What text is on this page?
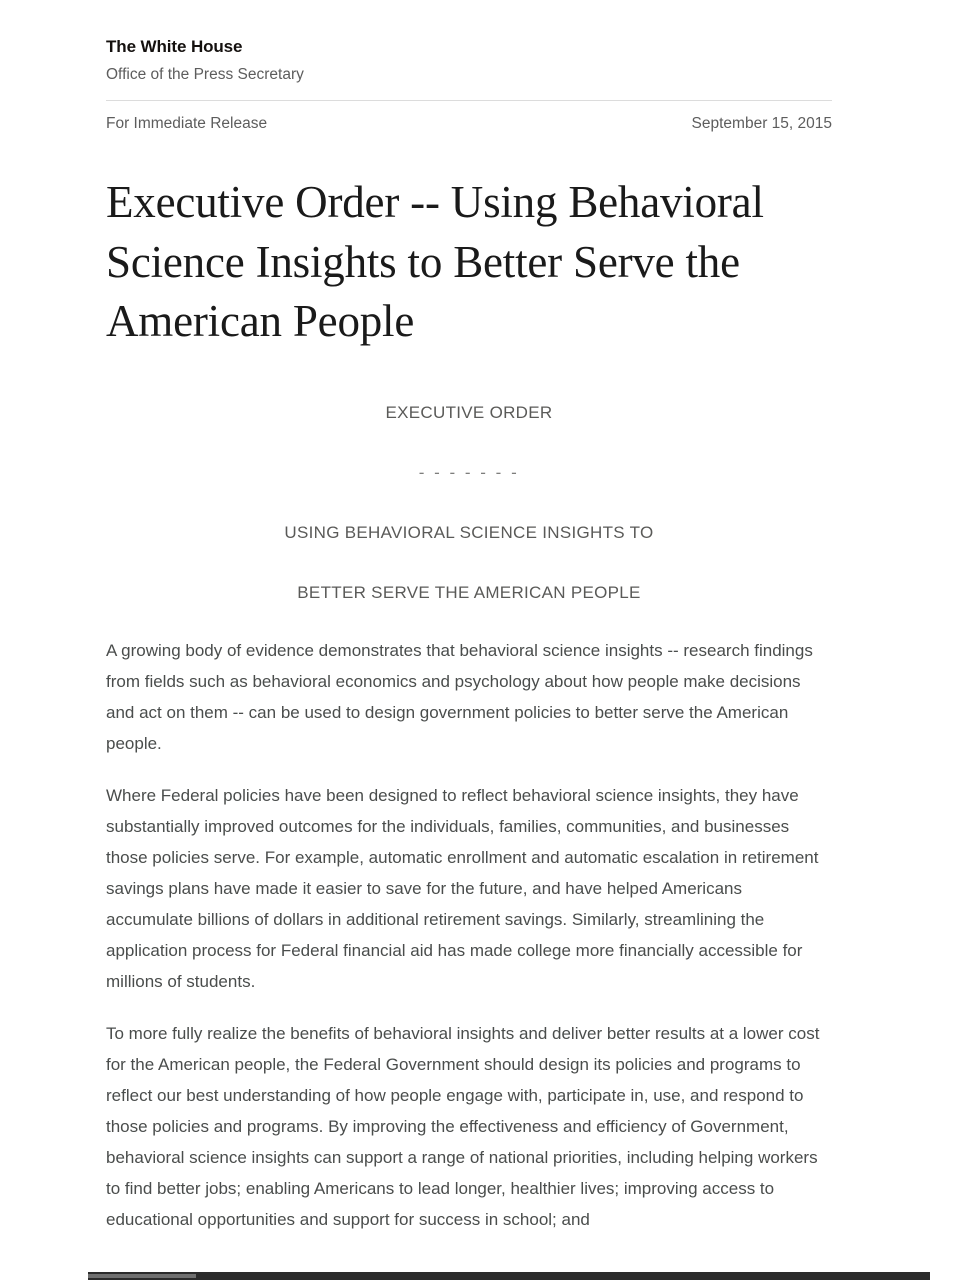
The White House
Office of the Press Secretary
For Immediate Release	September 15, 2015
Executive Order -- Using Behavioral Science Insights to Better Serve the American People
EXECUTIVE ORDER
- - - - - - -
USING BEHAVIORAL SCIENCE INSIGHTS TO
BETTER SERVE THE AMERICAN PEOPLE

A growing body of evidence demonstrates that behavioral science insights -- research findings from fields such as behavioral economics and psychology about how people make decisions and act on them -- can be used to design government policies to better serve the American people.

Where Federal policies have been designed to reflect behavioral science insights, they have substantially improved outcomes for the individuals, families, communities, and businesses those policies serve. For example, automatic enrollment and automatic escalation in retirement savings plans have made it easier to save for the future, and have helped Americans accumulate billions of dollars in additional retirement savings. Similarly, streamlining the application process for Federal financial aid has made college more financially accessible for millions of students.

To more fully realize the benefits of behavioral insights and deliver better results at a lower cost for the American people, the Federal Government should design its policies and programs to reflect our best understanding of how people engage with, participate in, use, and respond to those policies and programs. By improving the effectiveness and efficiency of Government, behavioral science insights can support a range of national priorities, including helping workers to find better jobs; enabling Americans to lead longer, healthier lives; improving access to educational opportunities and support for success in school; and
